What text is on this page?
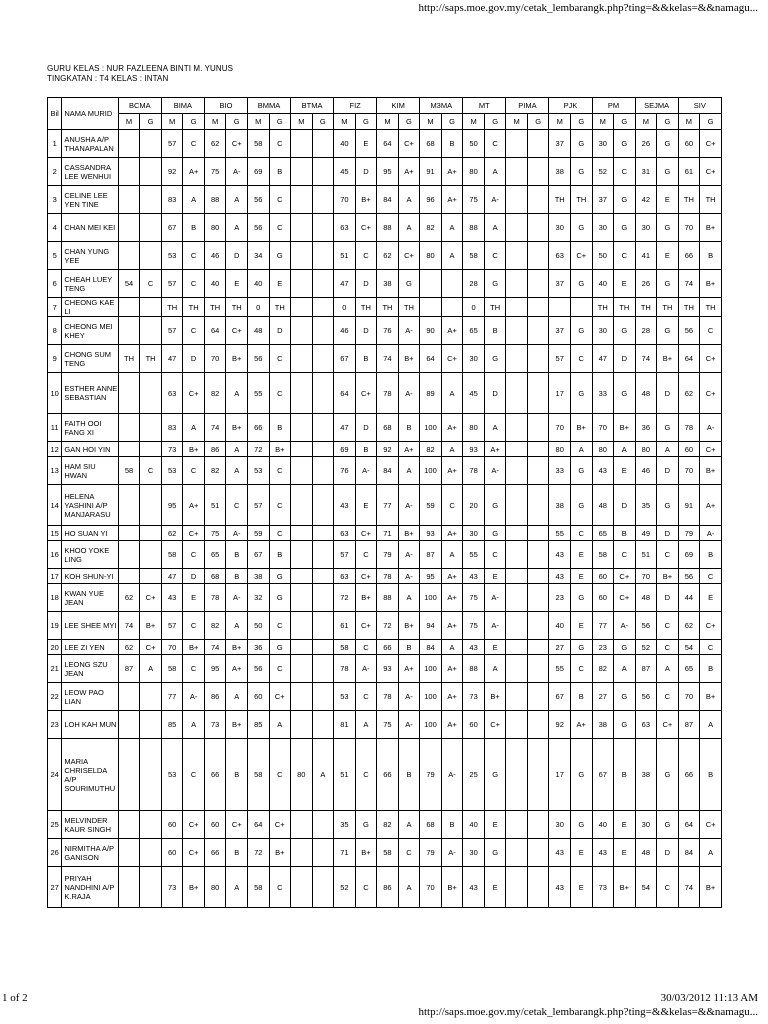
http://saps.moe.gov.my/cetak_lembarangk.php?ting=&&kelas=&&namagu...
GURU KELAS : NUR FAZLEENA BINTI M. YUNUS
TINGKATAN : T4 KELAS : INTAN
Bil	NAMA MURID	BCMA		BIMA		BIO		BMMA		BTMA		FIZ		KIM		M3MA		MT		PIMA		PJK		PM		SEJMA		SIV	
		M	G	M	G	M	G	M	G	M	G	M	G	M	G	M	G	M	G	M	G	M	G	M	G	M	G	M	G
1	ANUSHA A/P THANAPALAN			57	C	62	C+	58	C			40	E	64	C+	68	B	50	C			37	G	30	G	26	G	60	C+
2	CASSANDRA LEE WENHUI			92	A+	75	A-	69	B			45	D	95	A+	91	A+	80	A			38	G	52	C	31	G	61	C+
3	CELINE LEE YEN TINE			83	A	88	A	56	C			70	B+	84	A	96	A+	75	A-			TH	TH	37	G	42	E	TH	TH
4	CHAN MEI KEI			67	B	80	A	56	C			63	C+	88	A	82	A	88	A			30	G	30	G	30	G	70	B+
5	CHAN YUNG YEE			53	C	46	D	34	G			51	C	62	C+	80	A	58	C			63	C+	50	C	41	E	66	B
6	CHEAH LUEY TENG	54	C	57	C	40	E	40	E			47	D	38	G			28	G			37	G	40	E	26	G	74	B+
7	CHEONG KAE LI			TH	TH	TH	TH	0	TH			0	TH	TH	TH			0	TH					TH	TH	TH	TH	TH	TH
8	CHEONG MEI KHEY			57	C	64	C+	48	D			46	D	76	A-	90	A+	65	B			37	G	30	G	28	G	56	C
9	CHONG SUM TENG	TH	TH	47	D	70	B+	56	C			67	B	74	B+	64	C+	30	G			57	C	47	D	74	B+	64	C+
10	ESTHER ANNE SEBASTIAN			63	C+	82	A	55	C			64	C+	78	A-	89	A	45	D			17	G	33	G	48	D	62	C+
11	FAITH OOI FANG XI			83	A	74	B+	66	B			47	D	68	B	100	A+	80	A			70	B+	70	B+	36	G	78	A-
12	GAN HOI YIN			73	B+	86	A	72	B+			69	B	92	A+	82	A	93	A+			80	A	80	A	80	A	60	C+
13	HAM SIU HWAN	58	C	53	C	82	A	53	C			76	A-	84	A	100	A+	78	A-			33	G	43	E	46	D	70	B+
14	HELENA YASHINI A/P MANJARASU			95	A+	51	C	57	C			43	E	77	A-	59	C	20	G			38	G	48	D	35	G	91	A+
15	HO SUAN YI			62	C+	75	A-	59	C			63	C+	71	B+	93	A+	30	G			55	C	65	B	49	D	79	A-
16	KHOO YOKE LING			58	C	65	B	67	B			57	C	79	A-	87	A	55	C			43	E	58	C	51	C	69	B
17	KOH SHUN-YI			47	D	68	B	38	G			63	C+	78	A-	95	A+	43	E			43	E	60	C+	70	B+	56	C
18	KWAN YUE JEAN	62	C+	43	E	78	A-	32	G			72	B+	88	A	100	A+	75	A-			23	G	60	C+	48	D	44	E
19	LEE SHEE MYI	74	B+	57	C	82	A	50	C			61	C+	72	B+	94	A+	75	A-			40	E	77	A-	56	C	62	C+
20	LEE ZI YEN	62	C+	70	B+	74	B+	36	G			58	C	66	B	84	A	43	E			27	G	23	G	52	C	54	C
21	LEONG SZU JEAN	87	A	58	C	95	A+	56	C			78	A-	93	A+	100	A+	88	A			55	C	82	A	87	A	65	B
22	LEOW PAO LIAN			77	A-	86	A	60	C+			53	C	78	A-	100	A+	73	B+			67	B	27	G	56	C	70	B+
23	LOH KAH MUN			85	A	73	B+	85	A			81	A	75	A-	100	A+	60	C+			92	A+	38	G	63	C+	87	A
24	MARIA CHRISELDA A/P SOURIMUTHU			53	C	66	B	58	C	80	A	51	C	66	B	79	A-	25	G			17	G	67	B	38	G	66	B
25	MELVINDER KAUR SINGH			60	C+	60	C+	64	C+			35	G	82	A	68	B	40	E			30	G	40	E	30	G	64	C+
26	NIRMITHA A/P GANISON			60	C+	66	B	72	B+			71	B+	58	C	79	A-	30	G			43	E	43	E	48	D	84	A
27	PRIYAH NANDHINI A/P K.RAJA			73	B+	80	A	58	C			52	C	86	A	70	B+	43	E			43	E	73	B+	54	C	74	B+
1 of 2	30/03/2012 11:13 AM
http://saps.moe.gov.my/cetak_lembarangk.php?ting=&&kelas=&&namagu...
